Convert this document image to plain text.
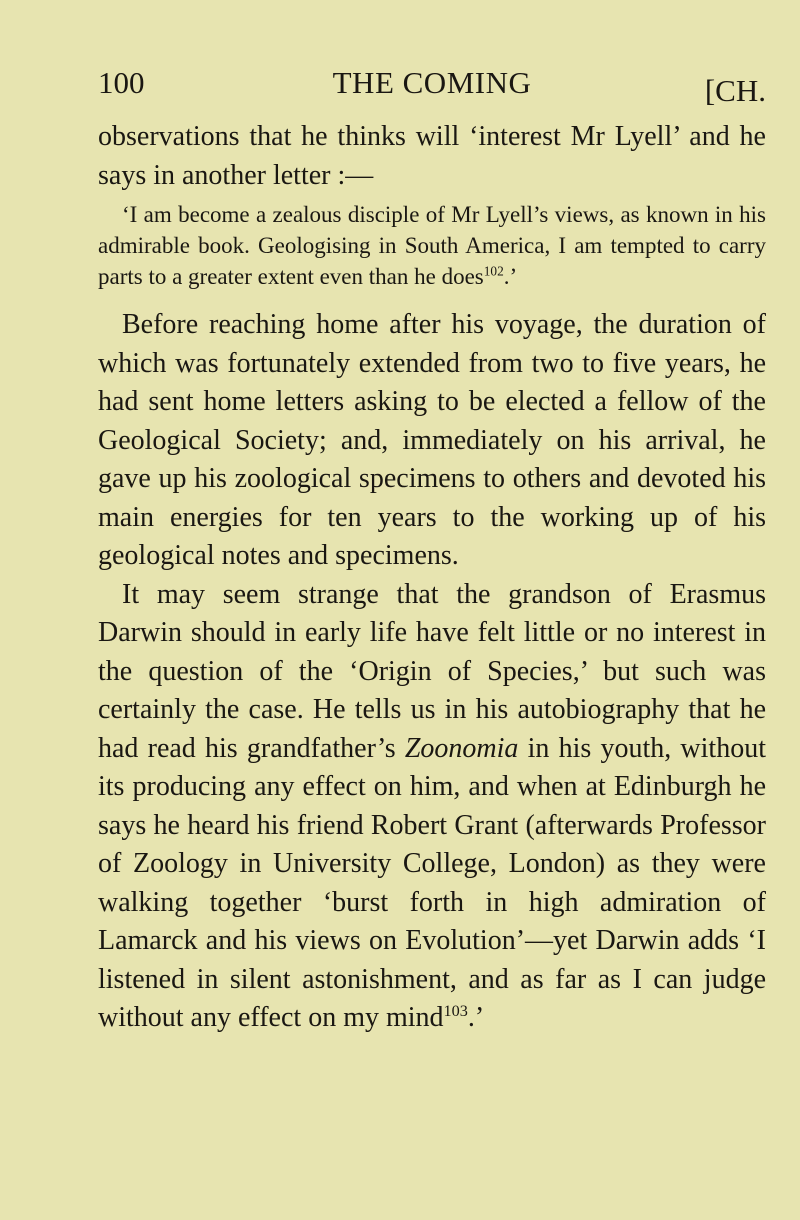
100	THE COMING	[CH.

observations that he thinks will ‘interest Mr Lyell’ and he says in another letter :—

‘I am become a zealous disciple of Mr Lyell’s views, as known in his admirable book. Geologising in South America, I am tempted to carry parts to a greater extent even than he does$^{102}$.’

Before reaching home after his voyage, the duration of which was fortunately extended from two to five years, he had sent home letters asking to be elected a fellow of the Geological Society; and, immediately on his arrival, he gave up his zoological specimens to others and devoted his main energies for ten years to the working up of his geological notes and specimens.

It may seem strange that the grandson of Erasmus Darwin should in early life have felt little or no interest in the question of the ‘Origin of Species,’ but such was certainly the case. He tells us in his autobiography that he had read his grandfather’s Zoonomia in his youth, without its producing any effect on him, and when at Edinburgh he says he heard his friend Robert Grant (afterwards Professor of Zoology in University College, London) as they were walking together ‘burst forth in high admiration of Lamarck and his views on Evolution’—yet Darwin adds ‘I listened in silent astonishment, and as far as I can judge without any effect on my mind$^{103}$.’
